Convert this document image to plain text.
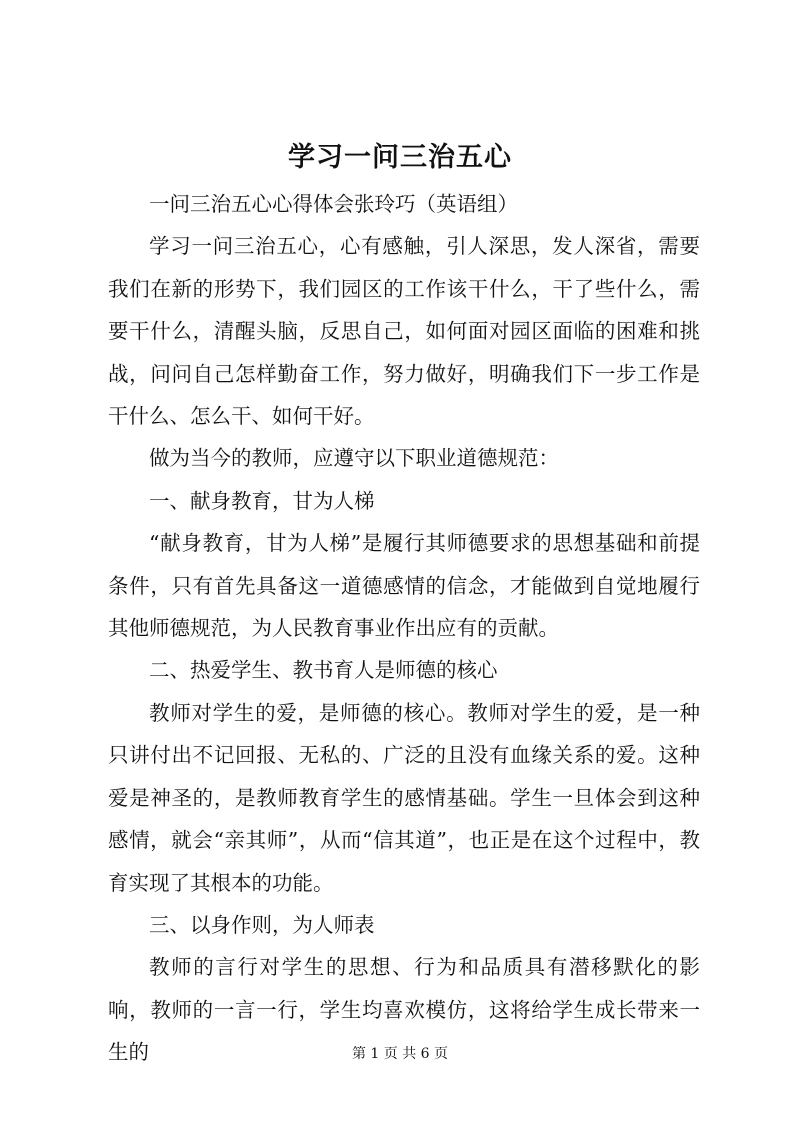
学习一问三治五心

一问三治五心心得体会张玲巧（英语组）

学习一问三治五心，心有感触，引人深思，发人深省，需要我们在新的形势下，我们园区的工作该干什么，干了些什么，需要干什么，清醒头脑，反思自己，如何面对园区面临的困难和挑战，问问自己怎样勤奋工作，努力做好，明确我们下一步工作是干什么、怎么干、如何干好。

做为当今的教师，应遵守以下职业道德规范：

一、献身教育，甘为人梯

“献身教育，甘为人梯”是履行其师德要求的思想基础和前提条件，只有首先具备这一道德感情的信念，才能做到自觉地履行其他师德规范，为人民教育事业作出应有的贡献。

二、热爱学生、教书育人是师德的核心

教师对学生的爱，是师德的核心。教师对学生的爱，是一种只讲付出不记回报、无私的、广泛的且没有血缘关系的爱。这种爱是神圣的，是教师教育学生的感情基础。学生一旦体会到这种感情，就会“亲其师”，从而“信其道”，也正是在这个过程中，教育实现了其根本的功能。

三、以身作则，为人师表

教师的言行对学生的思想、行为和品质具有潜移默化的影响，教师的一言一行，学生均喜欢模仿，这将给学生成长带来一生的	第 1 页 共 6 页
